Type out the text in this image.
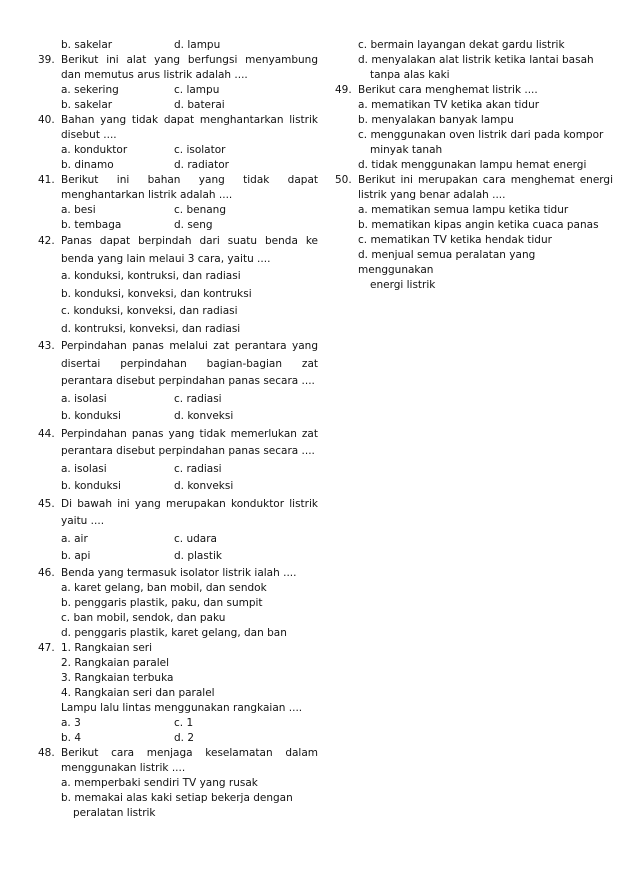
b. sakelar	d. lampu

39. Berikut ini alat yang berfungsi menyambung dan memutus arus listrik adalah ....

a. sekering	c. lampu
b. sakelar	d. baterai

40. Bahan yang tidak dapat menghantarkan listrik disebut ....

a. konduktor	c. isolator
b. dinamo	d. radiator

41. Berikut ini bahan yang tidak dapat menghantarkan listrik adalah ....

a. besi	c. benang
b. tembaga	d. seng

42. Panas dapat berpindah dari suatu benda ke benda yang lain melaui 3 cara, yaitu ....

a. konduksi, kontruksi, dan radiasi
b. konduksi, konveksi, dan kontruksi
c. konduksi, konveksi, dan radiasi
d. kontruksi, konveksi, dan radiasi

43. Perpindahan panas melalui zat perantara yang disertai perpindahan bagian-bagian zat perantara disebut perpindahan panas secara ....

a. isolasi	c. radiasi
b. konduksi	d. konveksi

44. Perpindahan panas yang tidak memerlukan zat perantara disebut perpindahan panas secara ....

a. isolasi	c. radiasi
b. konduksi	d. konveksi

45. Di bawah ini yang merupakan konduktor listrik yaitu ....

a. air	c. udara
b. api	d. plastik

46. Benda yang termasuk isolator listrik ialah ....

a. karet gelang, ban mobil, dan sendok
b. penggaris plastik, paku, dan sumpit
c. ban mobil, sendok, dan paku
d. penggaris plastik, karet gelang, dan ban

47. 1. Rangkaian seri

2. Rangkaian paralel
3. Rangkaian terbuka
4. Rangkaian seri dan paralel
Lampu lalu lintas menggunakan rangkaian ....
a. 3	c. 1
b. 4	d. 2

48. Berikut cara menjaga keselamatan dalam menggunakan listrik ....

a. memperbaki sendiri TV yang rusak
b. memakai alas kaki setiap bekerja dengan
peralatan listrik
c. bermain layangan dekat gardu listrik
d. menyalakan alat listrik ketika lantai basah
tanpa alas kaki

49. Berikut cara menghemat listrik ....

a. mematikan TV ketika akan tidur
b. menyalakan banyak lampu
c. menggunakan oven listrik dari pada kompor
minyak tanah
d. tidak menggunakan lampu hemat energi

50. Berikut ini merupakan cara menghemat energi listrik yang benar adalah ....

a. mematikan semua lampu ketika tidur
b. mematikan kipas angin ketika cuaca panas
c. mematikan TV ketika hendak tidur
d. menjual semua peralatan yang menggunakan
energi listrik
